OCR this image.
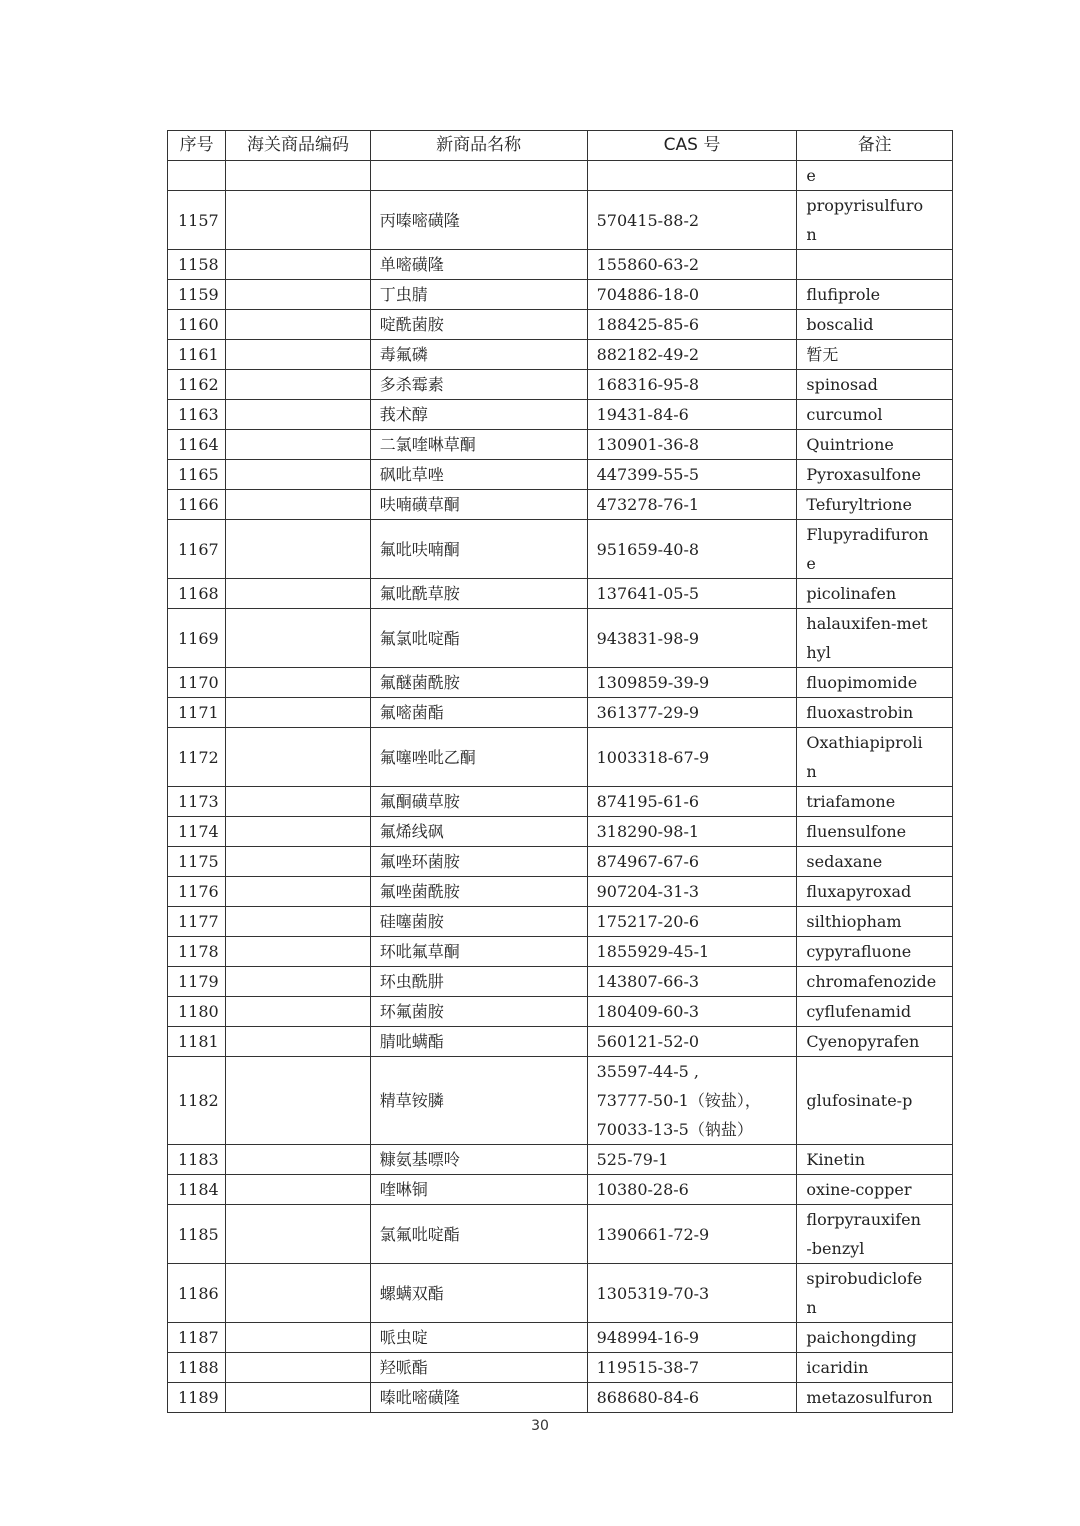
序号	海关商品编码	新商品名称	CAS 号	备注

				e

1157		丙嗪嘧磺隆	570415-88-2	propyrisulfuro
n

1158		单嘧磺隆	155860-63-2	

1159		丁虫腈	704886-18-0	flufiprole

1160		啶酰菌胺	188425-85-6	boscalid

1161		毒氟磷	882182-49-2	暂无

1162		多杀霉素	168316-95-8	spinosad

1163		莪术醇	19431-84-6	curcumol

1164		二氯喹啉草酮	130901-36-8	Quintrione

1165		砜吡草唑	447399-55-5	Pyroxasulfone

1166		呋喃磺草酮	473278-76-1	Tefuryltrione

1167		氟吡呋喃酮	951659-40-8	Flupyradifuron
e

1168		氟吡酰草胺	137641-05-5	picolinafen

1169		氟氯吡啶酯	943831-98-9	halauxifen-met
hyl

1170		氟醚菌酰胺	1309859-39-9	fluopimomide

1171		氟嘧菌酯	361377-29-9	fluoxastrobin

1172		氟噻唑吡乙酮	1003318-67-9	Oxathiapiproli
n

1173		氟酮磺草胺	874195-61-6	triafamone

1174		氟烯线砜	318290-98-1	fluensulfone

1175		氟唑环菌胺	874967-67-6	sedaxane

1176		氟唑菌酰胺	907204-31-3	fluxapyroxad

1177		硅噻菌胺	175217-20-6	silthiopham

1178		环吡氟草酮	1855929-45-1	cypyrafluone

1179		环虫酰肼	143807-66-3	chromafenozide

1180		环氟菌胺	180409-60-3	cyflufenamid

1181		腈吡螨酯	560121-52-0	Cyenopyrafen

1182		精草铵膦	35597-44-5 ,
73777-50-1（铵盐），
70033-13-5（钠盐）	glufosinate-p

1183		糠氨基嘌呤	525-79-1	Kinetin

1184		喹啉铜	10380-28-6	oxine-copper

1185		氯氟吡啶酯	1390661-72-9	florpyrauxifen
-benzyl

1186		螺螨双酯	1305319-70-3	spirobudiclofe
n

1187		哌虫啶	948994-16-9	paichongding

1188		羟哌酯	119515-38-7	icaridin

1189		嗪吡嘧磺隆	868680-84-6	metazosulfuron
30
